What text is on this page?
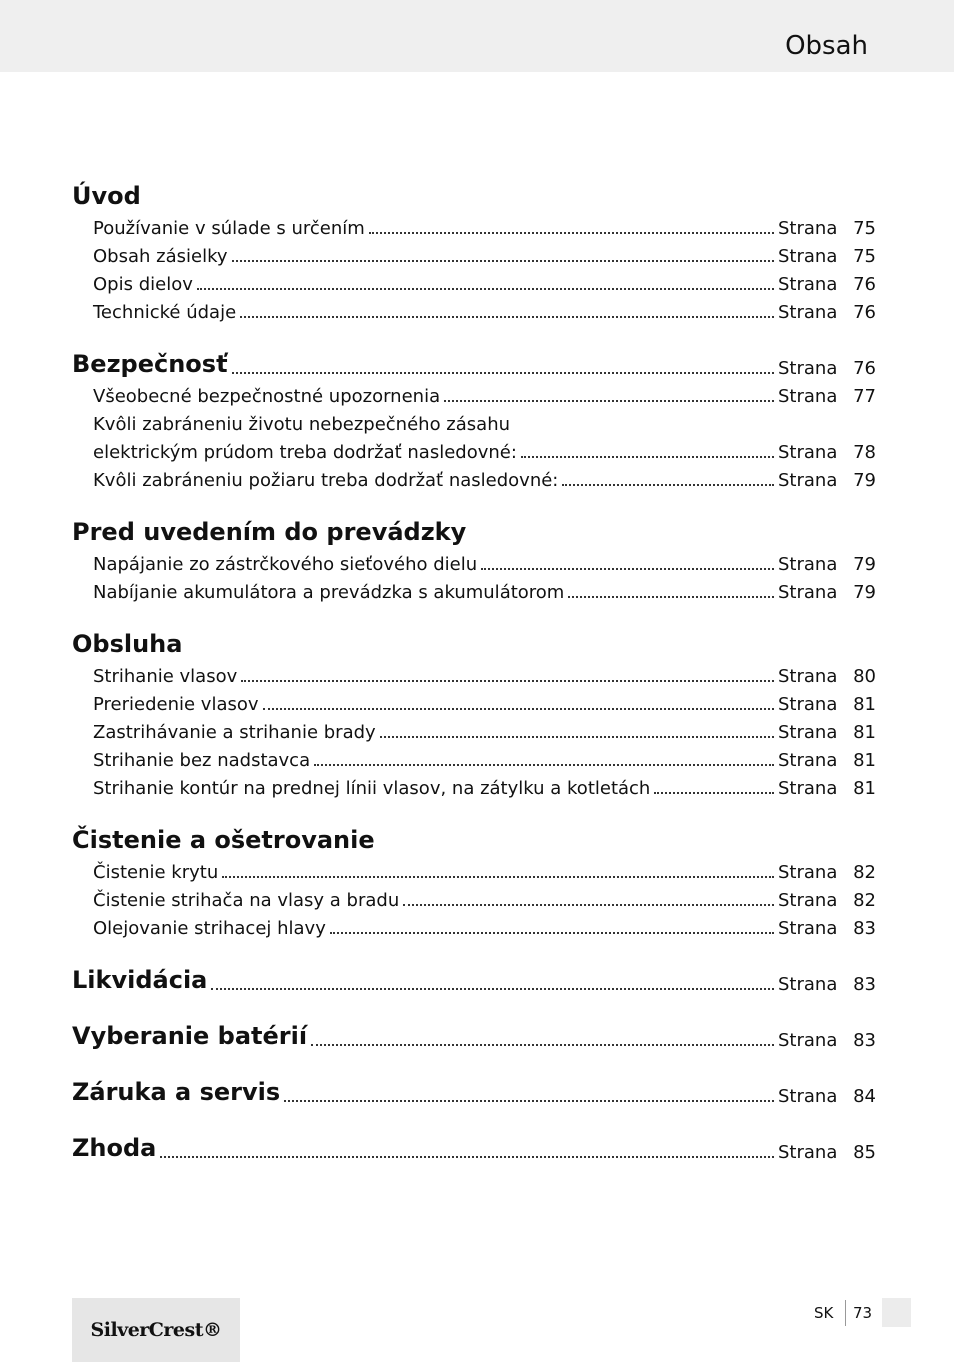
Obsah
Úvod
Používanie v súlade s určením	Strana 75
Obsah zásielky	Strana 75
Opis dielov	Strana 76
Technické údaje	Strana 76
Bezpečnosť	Strana 76
Všeobecné bezpečnostné upozornenia	Strana 77
Kvôli zabráneniu životu nebezpečného zásahu
elektrickým prúdom treba dodržať nasledovné:	Strana 78
Kvôli zabráneniu požiaru treba dodržať nasledovné:	Strana 79
Pred uvedením do prevádzky
Napájanie zo zástrčkového sieťového dielu	Strana 79
Nabíjanie akumulátora a prevádzka s akumulátorom	Strana 79
Obsluha
Strihanie vlasov	Strana 80
Preriedenie vlasov	Strana 81
Zastrihávanie a strihanie brady	Strana 81
Strihanie bez nadstavca	Strana 81
Strihanie kontúr na prednej línii vlasov, na zátylku a kotletách	Strana 81
Čistenie a ošetrovanie
Čistenie krytu	Strana 82
Čistenie strihača na vlasy a bradu	Strana 82
Olejovanie strihacej hlavy	Strana 83
Likvidácia	Strana 83
Vyberanie batérií	Strana 83
Záruka a servis	Strana 84
Zhoda	Strana 85
SilverCrest®
SK 73
